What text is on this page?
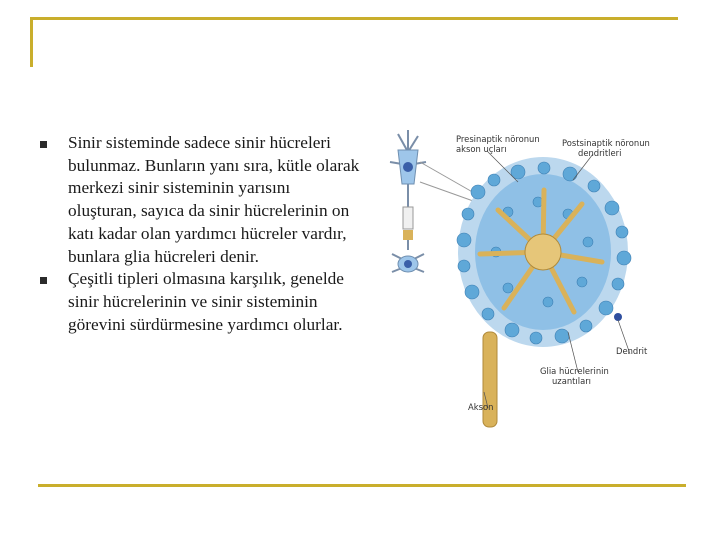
Sinir sisteminde sadece sinir hücreleri bulunmaz. Bunların yanı sıra, kütle olarak merkezi sinir sisteminin yarısını oluşturan, sayıca da sinir hücrelerinin on katı kadar olan yardımcı hücreler vardır, bunlara glia hücreleri denir.
Çeşitli tipleri olmasına karşılık, genelde sinir hücrelerinin ve sinir sisteminin görevini sürdürmesine yardımcı olurlar.
Presinaptik nöronun
akson uçları
Postsinaptik nöronun
dendritleri
Dendrit
Glia hücrelerinin
uzantıları
Akson
